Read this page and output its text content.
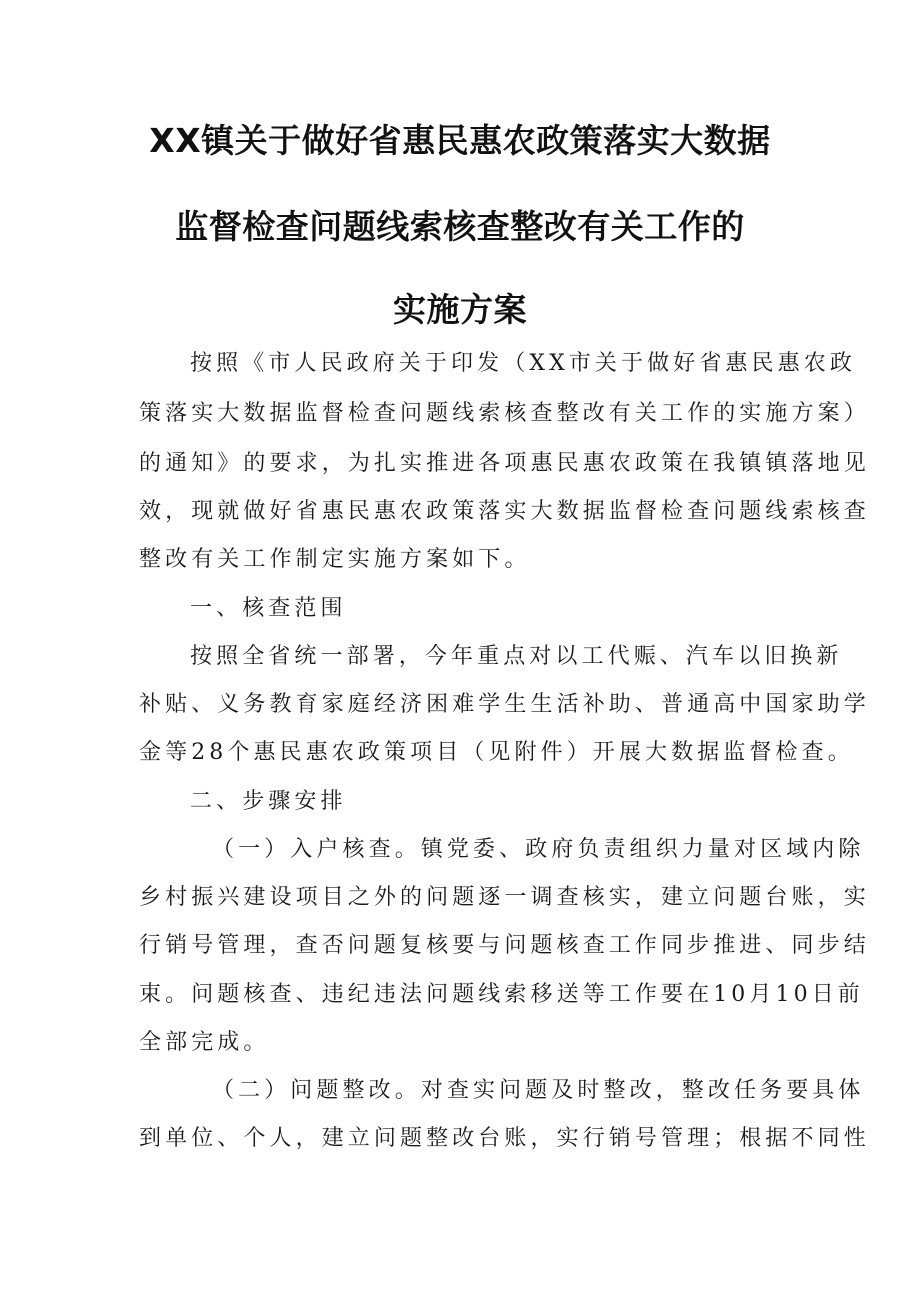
XX镇关于做好省惠民惠农政策落实大数据
监督检查问题线索核查整改有关工作的
实施方案
按照《市人民政府关于印发（XX市关于做好省惠民惠农政
策落实大数据监督检查问题线索核查整改有关工作的实施方案）
的通知》的要求，为扎实推进各项惠民惠农政策在我镇镇落地见
效，现就做好省惠民惠农政策落实大数据监督检查问题线索核查
整改有关工作制定实施方案如下。
一、核查范围
按照全省统一部署，今年重点对以工代赈、汽车以旧换新
补贴、义务教育家庭经济困难学生生活补助、普通高中国家助学
金等28个惠民惠农政策项目（见附件）开展大数据监督检查。
二、步骤安排
（一）入户核查。镇党委、政府负责组织力量对区域内除
乡村振兴建设项目之外的问题逐一调查核实，建立问题台账，实
行销号管理，查否问题复核要与问题核查工作同步推进、同步结
束。问题核查、违纪违法问题线索移送等工作要在10月10日前
全部完成。
（二）问题整改。对查实问题及时整改，整改任务要具体
到单位、个人，建立问题整改台账，实行销号管理；根据不同性
